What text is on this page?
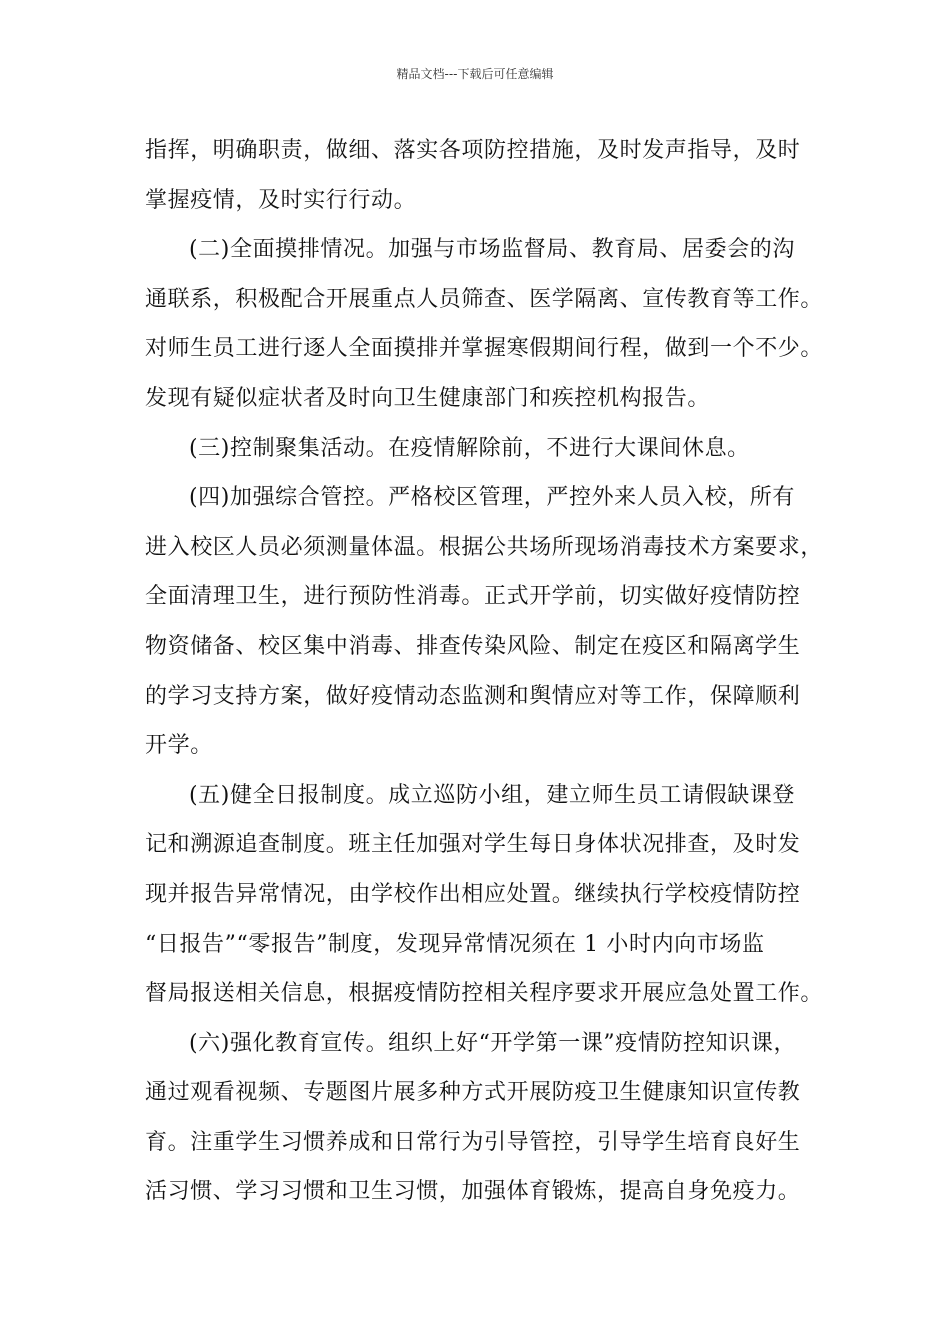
精品文档---下载后可任意编辑
指挥，明确职责，做细、落实各项防控措施，及时发声指导，及时
掌握疫情，及时实行行动。
(二)全面摸排情况。加强与市场监督局、教育局、居委会的沟
通联系，积极配合开展重点人员筛查、医学隔离、宣传教育等工作。
对师生员工进行逐人全面摸排并掌握寒假期间行程，做到一个不少。
发现有疑似症状者及时向卫生健康部门和疾控机构报告。
(三)控制聚集活动。在疫情解除前，不进行大课间休息。
(四)加强综合管控。严格校区管理，严控外来人员入校，所有
进入校区人员必须测量体温。根据公共场所现场消毒技术方案要求，
全面清理卫生，进行预防性消毒。正式开学前，切实做好疫情防控
物资储备、校区集中消毒、排查传染风险、制定在疫区和隔离学生
的学习支持方案，做好疫情动态监测和舆情应对等工作，保障顺利
开学。
(五)健全日报制度。成立巡防小组，建立师生员工请假缺课登
记和溯源追查制度。班主任加强对学生每日身体状况排查，及时发
现并报告异常情况，由学校作出相应处置。继续执行学校疫情防控
“日报告”“零报告”制度，发现异常情况须在 1 小时内向市场监
督局报送相关信息，根据疫情防控相关程序要求开展应急处置工作。
(六)强化教育宣传。组织上好“开学第一课”疫情防控知识课，
通过观看视频、专题图片展多种方式开展防疫卫生健康知识宣传教
育。注重学生习惯养成和日常行为引导管控，引导学生培育良好生
活习惯、学习习惯和卫生习惯，加强体育锻炼，提高自身免疫力。
